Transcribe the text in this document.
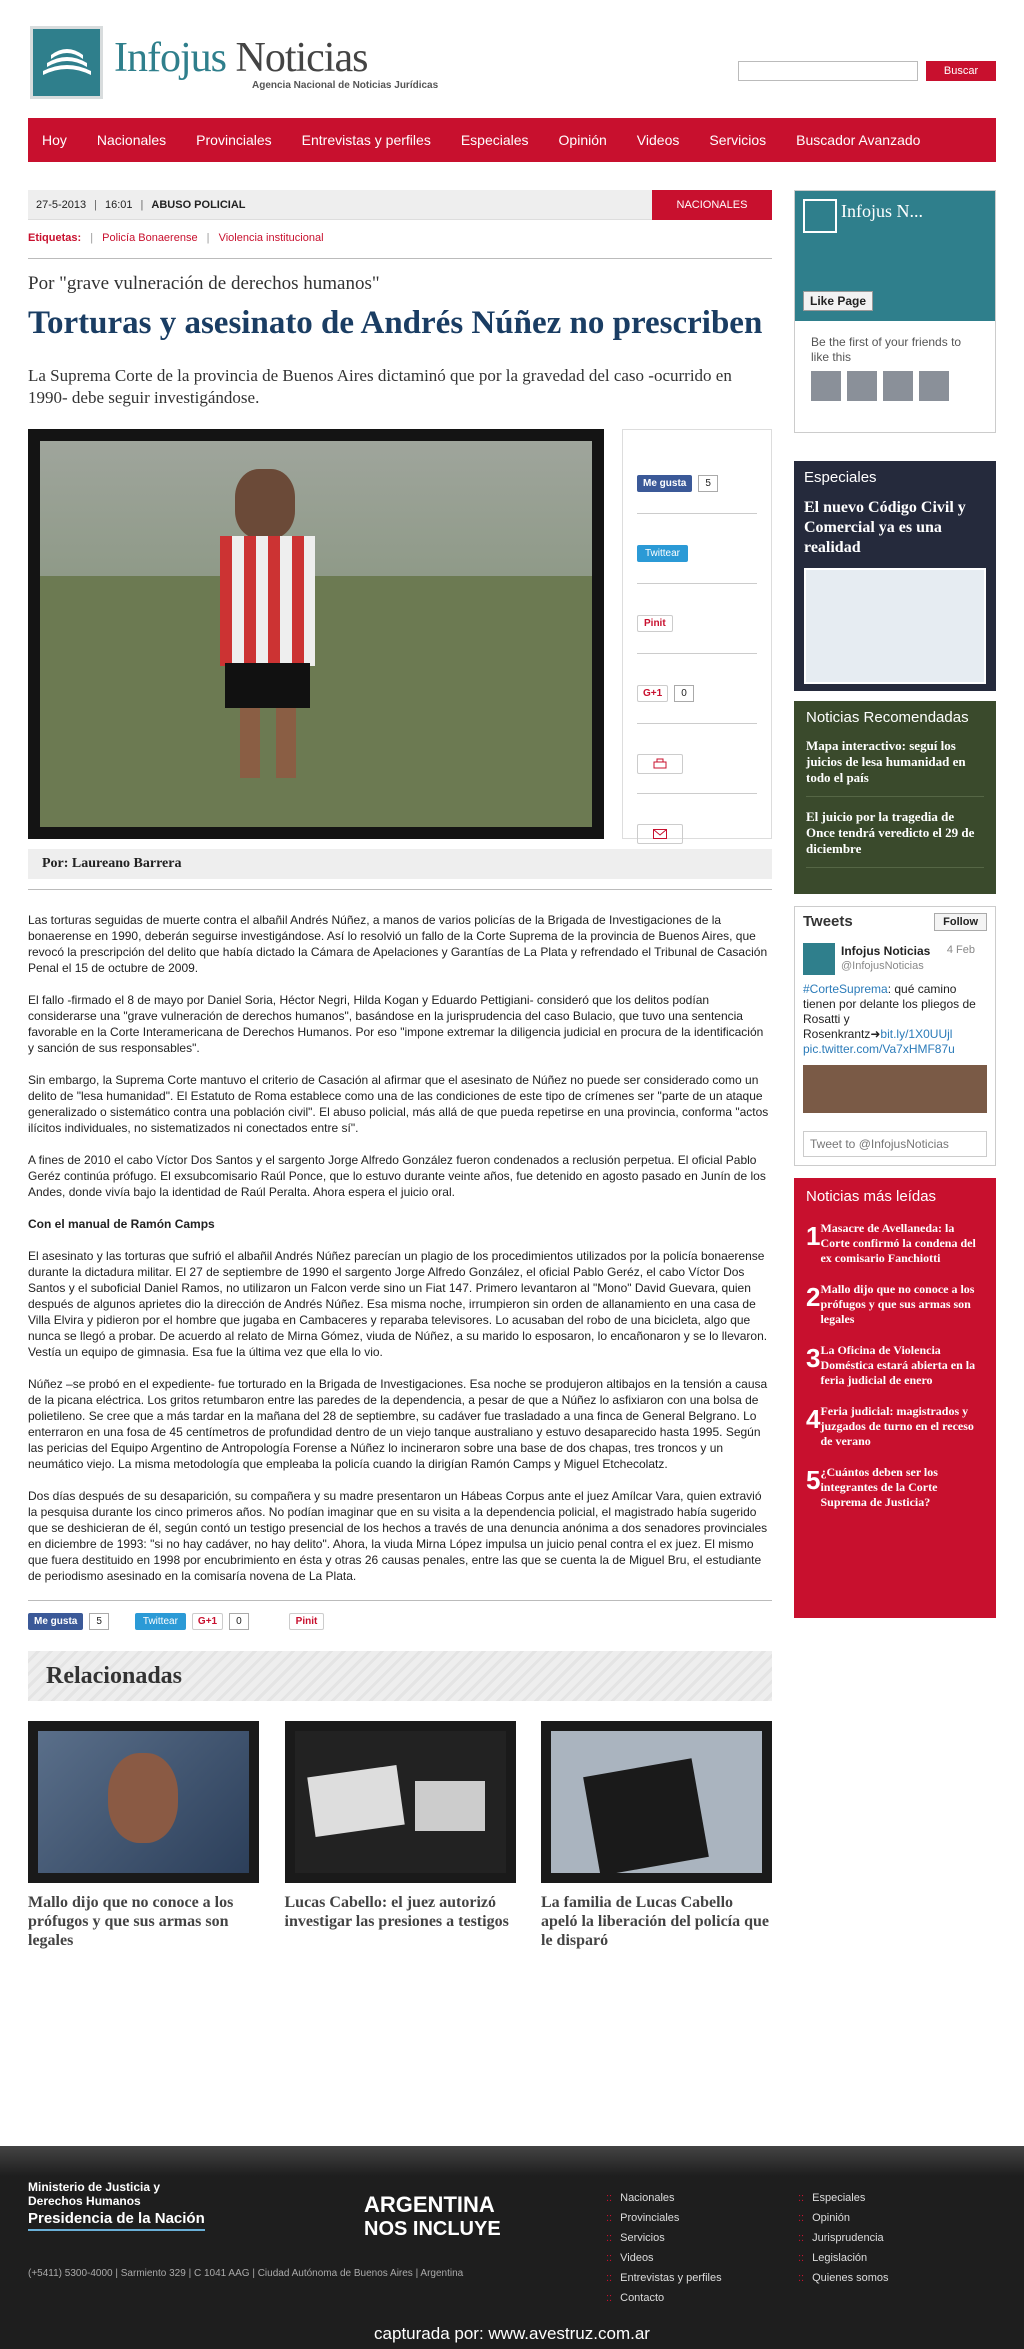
Infojus Noticias
Agencia Nacional de Noticias Jurídicas
Buscar
Hoy Nacionales Provinciales Entrevistas y perfiles Especiales Opinión Videos Servicios Buscador Avanzado
27-5-2013 | 16:01 | ABUSO POLICIAL	NACIONALES
Etiquetas: | Policía Bonaerense | Violencia institucional
Por "grave vulneración de derechos humanos"
Torturas y asesinato de Andrés Núñez no prescriben
La Suprema Corte de la provincia de Buenos Aires dictaminó que por la gravedad del caso -ocurrido en 1990- debe seguir investigándose.
Me gusta	5
Twittear
Pinit
G+1	0
Por: Laureano Barrera

Las torturas seguidas de muerte contra el albañil Andrés Núñez, a manos de varios policías de la Brigada de Investigaciones de la bonaerense en 1990, deberán seguirse investigándose. Así lo resolvió un fallo de la Corte Suprema de la provincia de Buenos Aires, que revocó la prescripción del delito que había dictado la Cámara de Apelaciones y Garantías de La Plata y refrendado el Tribunal de Casación Penal el 15 de octubre de 2009.

El fallo -firmado el 8 de mayo por Daniel Soria, Héctor Negri, Hilda Kogan y Eduardo Pettigiani- consideró que los delitos podían considerarse una "grave vulneración de derechos humanos", basándose en la jurisprudencia del caso Bulacio, que tuvo una sentencia favorable en la Corte Interamericana de Derechos Humanos. Por eso "impone extremar la diligencia judicial en procura de la identificación y sanción de sus responsables".

Sin embargo, la Suprema Corte mantuvo el criterio de Casación al afirmar que el asesinato de Núñez no puede ser considerado como un delito de "lesa humanidad". El Estatuto de Roma establece como una de las condiciones de este tipo de crímenes ser "parte de un ataque generalizado o sistemático contra una población civil". El abuso policial, más allá de que pueda repetirse en una provincia, conforma "actos ilícitos individuales, no sistematizados ni conectados entre sí".

A fines de 2010 el cabo Víctor Dos Santos y el sargento Jorge Alfredo González fueron condenados a reclusión perpetua. El oficial Pablo Geréz continúa prófugo. El exsubcomisario Raúl Ponce, que lo estuvo durante veinte años, fue detenido en agosto pasado en Junín de los Andes, donde vivía bajo la identidad de Raúl Peralta. Ahora espera el juicio oral.

Con el manual de Ramón Camps

El asesinato y las torturas que sufrió el albañil Andrés Núñez parecían un plagio de los procedimientos utilizados por la policía bonaerense durante la dictadura militar. El 27 de septiembre de 1990 el sargento Jorge Alfredo González, el oficial Pablo Geréz, el cabo Víctor Dos Santos y el suboficial Daniel Ramos, no utilizaron un Falcon verde sino un Fiat 147. Primero levantaron al "Mono" David Guevara, quien después de algunos aprietes dio la dirección de Andrés Núñez. Esa misma noche, irrumpieron sin orden de allanamiento en una casa de Villa Elvira y pidieron por el hombre que jugaba en Cambaceres y reparaba televisores. Lo acusaban del robo de una bicicleta, algo que nunca se llegó a probar. De acuerdo al relato de Mirna Gómez, viuda de Núñez, a su marido lo esposaron, lo encañonaron y se lo llevaron. Vestía un equipo de gimnasia. Esa fue la última vez que ella lo vio.

Núñez –se probó en el expediente- fue torturado en la Brigada de Investigaciones. Esa noche se produjeron altibajos en la tensión a causa de la picana eléctrica. Los gritos retumbaron entre las paredes de la dependencia, a pesar de que a Núñez lo asfixiaron con una bolsa de polietileno. Se cree que a más tardar en la mañana del 28 de septiembre, su cadáver fue trasladado a una finca de General Belgrano. Lo enterraron en una fosa de 45 centímetros de profundidad dentro de un viejo tanque australiano y estuvo desaparecido hasta 1995. Según las pericias del Equipo Argentino de Antropología Forense a Núñez lo incineraron sobre una base de dos chapas, tres troncos y un neumático viejo. La misma metodología que empleaba la policía cuando la dirigían Ramón Camps y Miguel Etchecolatz.

Dos días después de su desaparición, su compañera y su madre presentaron un Hábeas Corpus ante el juez Amílcar Vara, quien extravió la pesquisa durante los cinco primeros años. No podían imaginar que en su visita a la dependencia policial, el magistrado había sugerido que se deshicieran de él, según contó un testigo presencial de los hechos a través de una denuncia anónima a dos senadores provinciales en diciembre de 1993: "si no hay cadáver, no hay delito". Ahora, la viuda Mirna López impulsa un juicio penal contra el ex juez. El mismo que fuera destituido en 1998 por encubrimiento en ésta y otras 26 causas penales, entre las que se cuenta la de Miguel Bru, el estudiante de periodismo asesinado en la comisaría novena de La Plata.

Me gusta	5	Twittear	G+1	0	Pinit
Relacionadas
Mallo dijo que no conoce a los prófugos y que sus armas son legales
Lucas Cabello: el juez autorizó investigar las presiones a testigos
La familia de Lucas Cabello apeló la liberación del policía que le disparó
Infojus N...
Like Page
Be the first of your friends to like this
Especiales
El nuevo Código Civil y Comercial ya es una realidad
Noticias Recomendadas
Mapa interactivo: seguí los juicios de lesa humanidad en todo el país
El juicio por la tragedia de Once tendrá veredicto el 29 de diciembre
Tweets	Follow
Infojus Noticias
@InfojusNoticias
4 Feb
#CorteSuprema: qué camino tienen por delante los pliegos de Rosatti y Rosenkrantz➜bit.ly/1X0UUjl pic.twitter.com/Va7xHMF87u
Tweet to @InfojusNoticias
Noticias más leídas
1 Masacre de Avellaneda: la Corte confirmó la condena del ex comisario Fanchiotti
2 Mallo dijo que no conoce a los prófugos y que sus armas son legales
3 La Oficina de Violencia Doméstica estará abierta en la feria judicial de enero
4 Feria judicial: magistrados y juzgados de turno en el receso de verano
5 ¿Cuántos deben ser los integrantes de la Corte Suprema de Justicia?
Ministerio de Justicia y Derechos Humanos
Presidencia de la Nación
ARGENTINA
NOS INCLUYE
(+5411) 5300-4000 | Sarmiento 329 | C 1041 AAG | Ciudad Autónoma de Buenos Aires | Argentina
:: Nacionales
:: Provinciales
:: Servicios
:: Videos
:: Entrevistas y perfiles
:: Contacto
:: Especiales
:: Opinión
:: Jurisprudencia
:: Legislación
:: Quienes somos
capturada por: www.avestruz.com.ar
